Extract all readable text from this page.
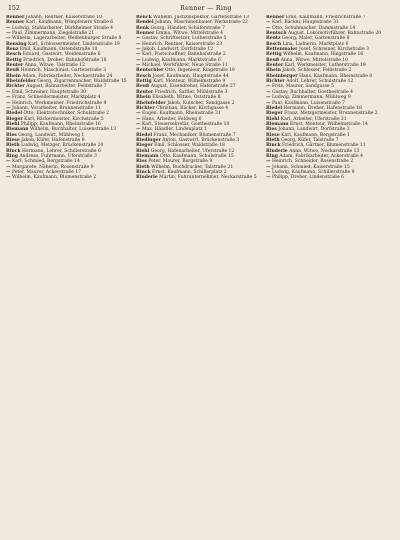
152	Renner — Ring

Renner Johann, Rentner, Kaiserstraße 10

Renner Karl, Kaufmann, Wimpfeners Straße 6

— Ludwig, Stahlarbeiter, Dürkheimer Straße 4

— Paul, Zimmermann, Ziegelstraße 21

— Wilhelm, Lagerarbeiter, Weißenburger Straße 8

Rensing Karl, Schlossermeister, Lindenstraße 19

Renz Emil, Kaufmann, Ostendstraße 10

Resch Eduard, Gastwirt, Weidenstraße 6

Rettig Friedrich, Dreher, Bahnhofstraße 18

Reuter Anna, Witwe, Talstraße 12

Reuß Heinrich, Maschinist, Gartenstraße 3

Rhein Adam, Fabrikarbeiter, Neckarstraße 24

Rheinfelder Georg, Zigarrenmacher, Waldstraße 15

Richter August, Bahnarbeiter, Feldstraße 7

— Emil, Schreiner, Hauptstraße 30

— Franz, Schneidermeister, Marktplatz 4

— Heinrich, Werkmeister, Friedrichstraße 9

— Johann, Vorarbeiter, Brunnenstraße 11

Riedel Otto, Elektrotechniker, Schulstraße 2

Rieger Karl, Bäckermeister, Kirchstraße 5

Riehl Philipp, Kaufmann, Rheinstraße 16

Riemann Wilhelm, Buchhalter, Luisenstraße 13

Ries Georg, Landwirt, Mühlweg 1

Riese Jakob, Küfer, Hafenstraße 8

Rieth Ludwig, Metzger, Brückenstraße 20

Rinck Hermann, Lehrer, Schillerstraße 6

Ring Andreas, Fuhrmann, Uferstraße 3

— Karl, Schmied, Bergstraße 14

— Margarete, Näherin, Rosenstraße 9

— Peter, Maurer, Ackerstraße 17

— Wilhelm, Kaufmann, Blumenstraße 2

Renck Wilhelm, Justizinspektor, Gartenstraße 13

Rendel Johann, Maschinenbauer, Werkstraße 22

Renk Georg, Händler, Schäferstraße 7

Renner Emma, Witwe, Mittelstraße 4

— Gustav, Schriftsetzer, Lutherstraße 5

— Heinrich, Rentner, Kaiserstraße 23

— Jakob, Landwirt, Dorfstraße 12

— Karl, Postschaffner, Bahnhofstraße 2

— Ludwig, Kaufmann, Marktstraße 6

— Michael, Werkführer, Neue Straße 11

Rentschler Otto, Ingenieur, Ringstraße 19

Resch Josef, Kaufmann, Hauptstraße 44

Rettig Karl, Monteur, Wilhelmstraße 9

Reuß August, Eisendreher, Hafenstraße 27

Reuter Friedrich, Sattler, Mühlstraße 3

Rhein Elisabeth, Witwe, Oststraße 8

Rheinfelder Jakob, Kutscher, Sandgasse 2

Richter Christian, Bäcker, Kirchgasse 4

— Eugen, Kaufmann, Rheinstraße 31

— Hans, Arbeiter, Feldweg 6

— Karl, Steuersekretär, Goethestraße 10

— Max, Händler, Lindenplatz 1

Riedel Franz, Mechaniker, Blumenstraße 7

Riedinger Anton, Gastwirt, Brückenstraße 3

Rieger Emil, Schlosser, Waldstraße 18

Riehl Georg, Hafenarbeiter, Uferstraße 12

Riemann Otto, Kaufmann, Schulstraße 15

Ries Peter, Maurer, Bergstraße 9

Rieth Wilhelm, Buchdrucker, Talstraße 21

Rinck Ernst, Kaufmann, Schillerplatz 2

Rinderle Martin, Fuhrunternehmer, Neckarstraße 5

Renner Emil, Kaufmann, Friedrichstraße 7

— Karl, Bäcker, Hauptstraße 31

— Otto, Schuhmacher, Dammstraße 14

Rentsch August, Lokomotivführer, Bahnstraße 20

Rentz Georg, Maler, Gartenstraße 8

Resch Lina, Ladnerin, Marktplatz 6

Rettenmaier Josef, Schreiner, Kirchstraße 3

Rettig Wilhelm, Kaufmann, Ringstraße 16

Reuß Anna, Witwe, Mittelstraße 10

Reuter Karl, Werkmeister, Lutherstraße 19

Rhein Jakob, Schlosser, Feldstraße 2

Rheinberger Hans, Kaufmann, Rheinstraße 8

Richter Adolf, Lehrer, Schulstraße 12

— Fritz, Maurer, Sandgasse 5

— Gustav, Buchhalter, Goethestraße 4

— Ludwig, Zimmermann, Mühlweg 9

— Paul, Kaufmann, Luisenstraße 7

Riedel Hermann, Dreher, Hafenstraße 18

Rieger Franz, Metzgermeister, Brunnenstraße 2

Riehl Karl, Arbeiter, Uferstraße 21

Riemann Ernst, Monteur, Wilhelmstraße 14

Ries Johann, Landwirt, Dorfstraße 3

Riese Karl, Kaufmann, Bergstraße 1

Rieth Georg, Küfer, Talstraße 7

Rinck Friedrich, Gärtner, Blumenstraße 11

Rinderle Anna, Witwe, Neckarstraße 13

Ring Adam, Fabrikarbeiter, Ackerstraße 4

— Heinrich, Schneider, Rosenstraße 2

— Johann, Schmied, Kaiserstraße 15

— Ludwig, Kaufmann, Schillerstraße 9

— Philipp, Dreher, Lindenstraße 6
